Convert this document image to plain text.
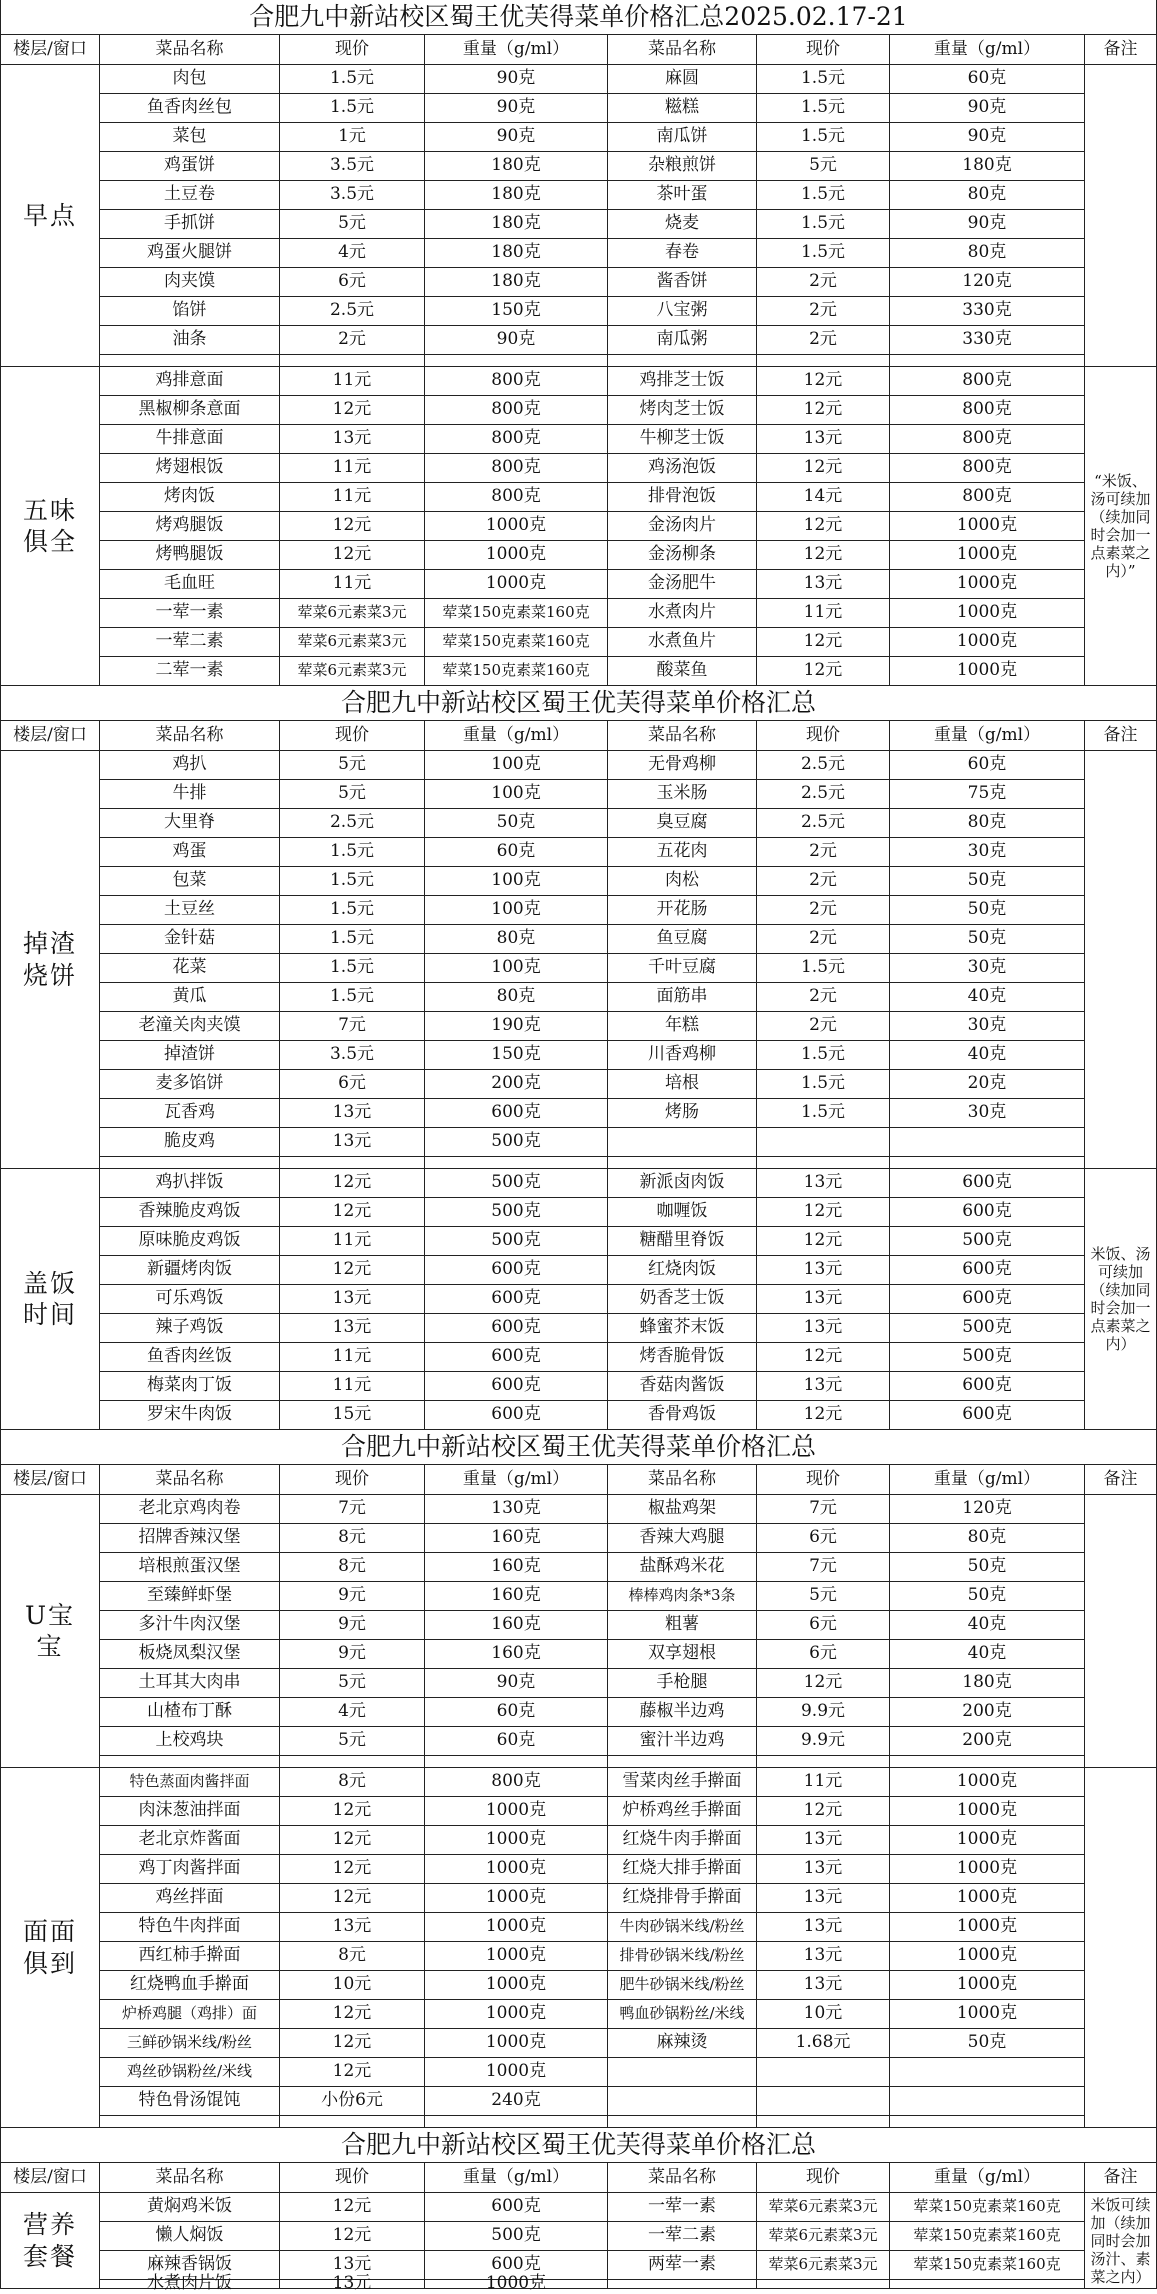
合肥九中新站校区蜀王优芙得菜单价格汇总2025.02.17-21
楼层/窗口	菜品名称	现价	重量（g/ml）	菜品名称	现价	重量（g/ml）	备注
早点
肉包	1.5元	90克	麻圆	1.5元	60克
鱼香肉丝包	1.5元	90克	糍糕	1.5元	90克
菜包	1元	90克	南瓜饼	1.5元	90克
鸡蛋饼	3.5元	180克	杂粮煎饼	5元	180克
土豆卷	3.5元	180克	茶叶蛋	1.5元	80克
手抓饼	5元	180克	烧麦	1.5元	90克
鸡蛋火腿饼	4元	180克	春卷	1.5元	80克
肉夹馍	6元	180克	酱香饼	2元	120克
馅饼	2.5元	150克	八宝粥	2元	330克
油条	2元	90克	南瓜粥	2元	330克
五味俱全
“米饭、汤可续加（续加同时会加一点素菜之内）”
鸡排意面	11元	800克	鸡排芝士饭	12元	800克
黑椒柳条意面	12元	800克	烤肉芝士饭	12元	800克
牛排意面	13元	800克	牛柳芝士饭	13元	800克
烤翅根饭	11元	800克	鸡汤泡饭	12元	800克
烤肉饭	11元	800克	排骨泡饭	14元	800克
烤鸡腿饭	12元	1000克	金汤肉片	12元	1000克
烤鸭腿饭	12元	1000克	金汤柳条	12元	1000克
毛血旺	11元	1000克	金汤肥牛	13元	1000克
一荤一素	荤菜6元素菜3元	荤菜150克素菜160克	水煮肉片	11元	1000克
一荤二素	荤菜6元素菜3元	荤菜150克素菜160克	水煮鱼片	12元	1000克
二荤一素	荤菜6元素菜3元	荤菜150克素菜160克	酸菜鱼	12元	1000克
合肥九中新站校区蜀王优芙得菜单价格汇总
楼层/窗口	菜品名称	现价	重量（g/ml）	菜品名称	现价	重量（g/ml）	备注
掉渣烧饼
鸡扒	5元	100克	无骨鸡柳	2.5元	60克
牛排	5元	100克	玉米肠	2.5元	75克
大里脊	2.5元	50克	臭豆腐	2.5元	80克
鸡蛋	1.5元	60克	五花肉	2元	30克
包菜	1.5元	100克	肉松	2元	50克
土豆丝	1.5元	100克	开花肠	2元	50克
金针菇	1.5元	80克	鱼豆腐	2元	50克
花菜	1.5元	100克	千叶豆腐	1.5元	30克
黄瓜	1.5元	80克	面筋串	2元	40克
老潼关肉夹馍	7元	190克	年糕	2元	30克
掉渣饼	3.5元	150克	川香鸡柳	1.5元	40克
麦多馅饼	6元	200克	培根	1.5元	20克
瓦香鸡	13元	600克	烤肠	1.5元	30克
脆皮鸡	13元	500克
盖饭时间
米饭、汤可续加（续加同时会加一点素菜之内）
鸡扒拌饭	12元	500克	新派卤肉饭	13元	600克
香辣脆皮鸡饭	12元	500克	咖喱饭	12元	600克
原味脆皮鸡饭	11元	500克	糖醋里脊饭	12元	500克
新疆烤肉饭	12元	600克	红烧肉饭	13元	600克
可乐鸡饭	13元	600克	奶香芝士饭	13元	600克
辣子鸡饭	13元	600克	蜂蜜芥末饭	13元	500克
鱼香肉丝饭	11元	600克	烤香脆骨饭	12元	500克
梅菜肉丁饭	11元	600克	香菇肉酱饭	13元	600克
罗宋牛肉饭	15元	600克	香骨鸡饭	12元	600克
合肥九中新站校区蜀王优芙得菜单价格汇总
楼层/窗口	菜品名称	现价	重量（g/ml）	菜品名称	现价	重量（g/ml）	备注
U宝宝
老北京鸡肉卷	7元	130克	椒盐鸡架	7元	120克
招牌香辣汉堡	8元	160克	香辣大鸡腿	6元	80克
培根煎蛋汉堡	8元	160克	盐酥鸡米花	7元	50克
至臻鲜虾堡	9元	160克	棒棒鸡肉条*3条	5元	50克
多汁牛肉汉堡	9元	160克	粗薯	6元	40克
板烧凤梨汉堡	9元	160克	双享翅根	6元	40克
土耳其大肉串	5元	90克	手枪腿	12元	180克
山楂布丁酥	4元	60克	藤椒半边鸡	9.9元	200克
上校鸡块	5元	60克	蜜汁半边鸡	9.9元	200克
面面俱到
特色蒸面肉酱拌面	8元	800克	雪菜肉丝手擀面	11元	1000克
肉沫葱油拌面	12元	1000克	炉桥鸡丝手擀面	12元	1000克
老北京炸酱面	12元	1000克	红烧牛肉手擀面	13元	1000克
鸡丁肉酱拌面	12元	1000克	红烧大排手擀面	13元	1000克
鸡丝拌面	12元	1000克	红烧排骨手擀面	13元	1000克
特色牛肉拌面	13元	1000克	牛肉砂锅米线/粉丝	13元	1000克
西红柿手擀面	8元	1000克	排骨砂锅米线/粉丝	13元	1000克
红烧鸭血手擀面	10元	1000克	肥牛砂锅米线/粉丝	13元	1000克
炉桥鸡腿（鸡排）面	12元	1000克	鸭血砂锅粉丝/米线	10元	1000克
三鲜砂锅米线/粉丝	12元	1000克	麻辣烫	1.68元	50克
鸡丝砂锅粉丝/米线	12元	1000克
特色骨汤馄饨	小份6元	240克
合肥九中新站校区蜀王优芙得菜单价格汇总
楼层/窗口	菜品名称	现价	重量（g/ml）	菜品名称	现价	重量（g/ml）	备注
营养套餐
米饭可续加（续加同时会加汤汁、素菜之内）
黄焖鸡米饭	12元	600克	一荤一素	荤菜6元素菜3元	荤菜150克素菜160克
懒人焖饭	12元	500克	一荤二素	荤菜6元素菜3元	荤菜150克素菜160克
麻辣香锅饭	13元	600克	两荤一素	荤菜6元素菜3元	荤菜150克素菜160克
水煮肉片饭	13元	1000克
